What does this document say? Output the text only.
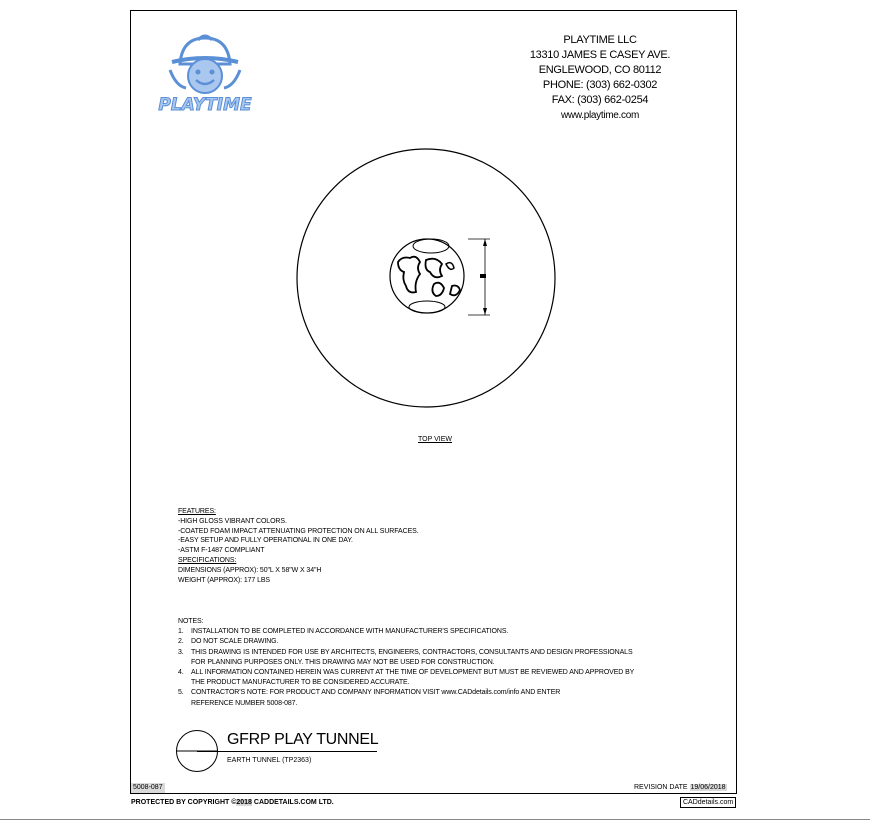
PLAYTIME
PLAYTIME LLC
13310 JAMES E CASEY AVE.
ENGLEWOOD, CO 80112
PHONE: (303) 662-0302
FAX: (303) 662-0254
www.playtime.com
TOP VIEW
FEATURES:
-HIGH GLOSS VIBRANT COLORS.
-COATED FOAM IMPACT ATTENUATING PROTECTION ON ALL SURFACES.
-EASY SETUP AND FULLY OPERATIONAL IN ONE DAY.
-ASTM F-1487 COMPLIANT
SPECIFICATIONS:
DIMENSIONS (APPROX): 50"L X 58"W X 34"H
WEIGHT (APPROX): 177 LBS
NOTES:
1.	INSTALLATION TO BE COMPLETED IN ACCORDANCE WITH MANUFACTURER'S SPECIFICATIONS.
2.	DO NOT SCALE DRAWING.
3.	THIS DRAWING IS INTENDED FOR USE BY ARCHITECTS, ENGINEERS, CONTRACTORS, CONSULTANTS AND DESIGN PROFESSIONALS
FOR PLANNING PURPOSES ONLY. THIS DRAWING MAY NOT BE USED FOR CONSTRUCTION.
4.	ALL INFORMATION CONTAINED HEREIN WAS CURRENT AT THE TIME OF DEVELOPMENT BUT MUST BE REVIEWED AND APPROVED BY
THE PRODUCT MANUFACTURER TO BE CONSIDERED ACCURATE.
5.	CONTRACTOR'S NOTE: FOR PRODUCT AND COMPANY INFORMATION VISIT www.CADdetails.com/info AND ENTER
REFERENCE NUMBER 5008-087.
GFRP PLAY TUNNEL
EARTH TUNNEL (TP2363)
5008-087	REVISION DATE 19/06/2018
PROTECTED BY COPYRIGHT ©2018 CADDETAILS.COM LTD.	CADdetails.com
